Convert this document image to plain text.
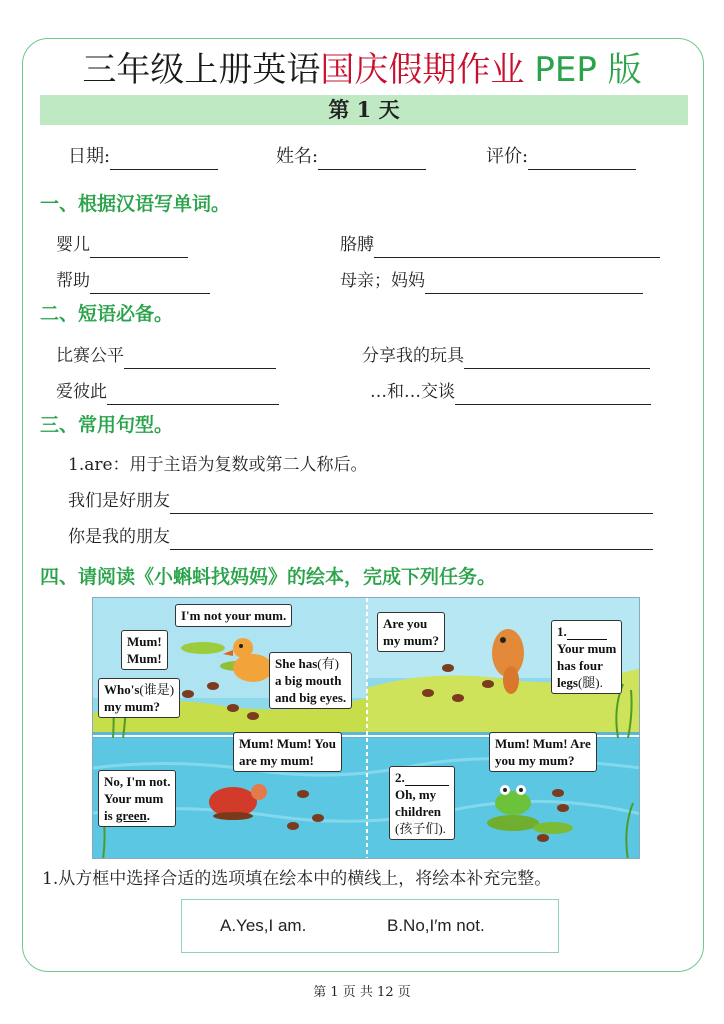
三年级上册英语国庆假期作业 PEP 版
第 1 天
日期:	姓名:	评价:
一、根据汉语写单词。
婴儿	胳膊
帮助	母亲；妈妈
二、短语必备。
比赛公平	分享我的玩具
爱彼此	…和…交谈
三、常用句型。
1.are：用于主语为复数或第二人称后。
我们是好朋友
你是我的朋友
四、请阅读《小蝌蚪找妈妈》的绘本，完成下列任务。
I'm not your mum.
Mum!
Mum!
Who's(谁是)
my mum?
She has(有)
a big mouth
and big eyes.
Are you
my mum?
1.
Your mum
has four
legs(腿).
Mum! Mum! You
are my mum!
No, I'm not.
Your mum
is green.
2.
Oh, my
children
(孩子们).
Mum! Mum! Are
you my mum?
1.从方框中选择合适的选项填在绘本中的横线上，将绘本补充完整。
A.Yes,I am.	B.No,I′m not.
第 1 页 共 12 页
